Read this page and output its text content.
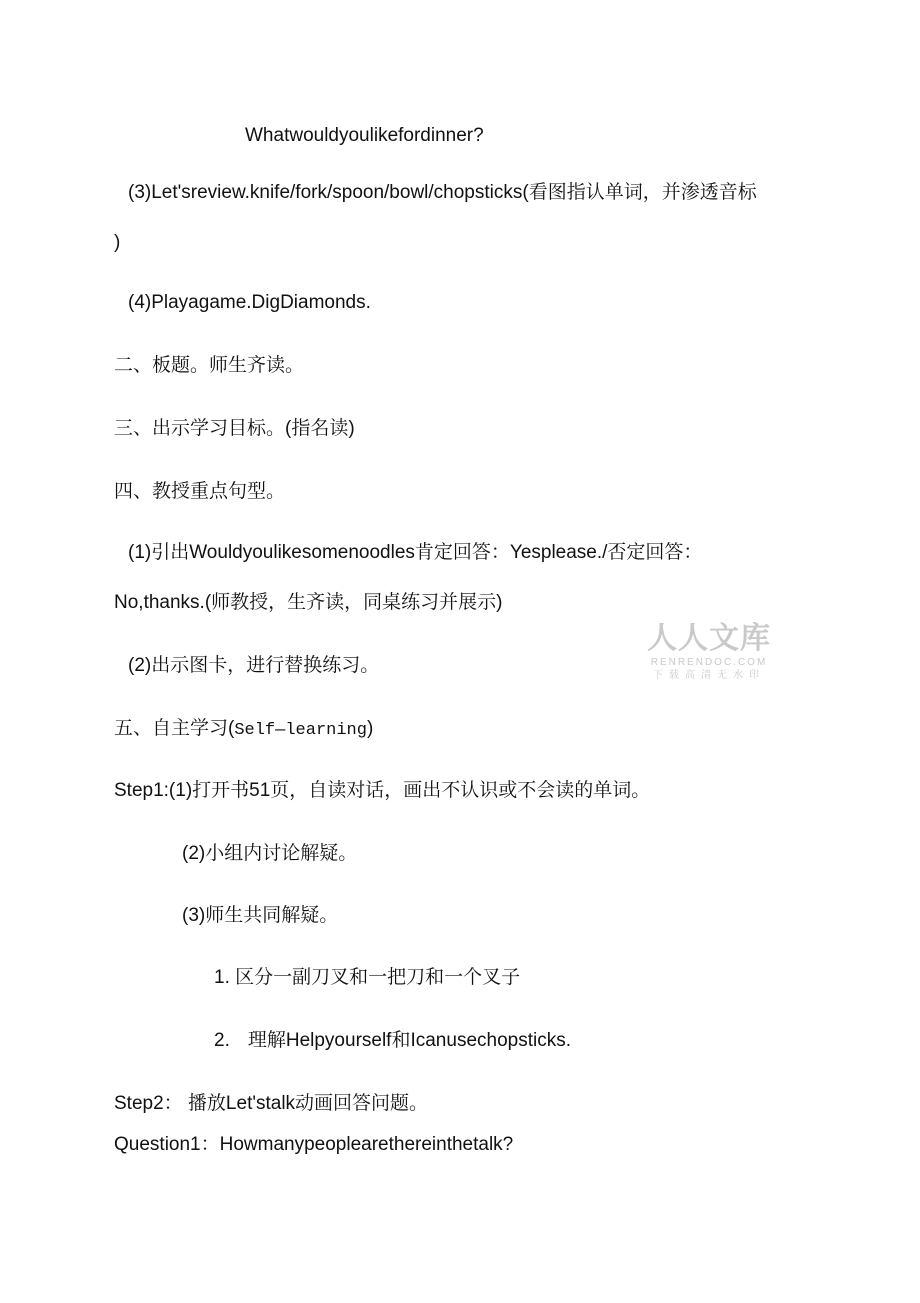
Whatwouldyoulikefordinner?
(3)Let'sreview.knife/fork/spoon/bowl/chopsticks(看图指认单词，并渗透音标
)
(4)Playagame.DigDiamonds.
二、板题。师生齐读。
三、出示学习目标。(指名读)
四、教授重点句型。
(1)引出Wouldyoulikesomenoodles肯定回答：Yesplease./否定回答：
No,thanks.(师教授，生齐读，同桌练习并展示)
(2)出示图卡，进行替换练习。
五、自主学习(Self—learning)
Step1:(1)打开书51页，自读对话，画出不认识或不会读的单词。
(2)小组内讨论解疑。
(3)师生共同解疑。
1. 区分一副刀叉和一把刀和一个叉子
2. 理解Helpyourself和Icanusechopsticks.
Step2： 播放Let'stalk动画回答问题。
Question1：Howmanypeoplearethereinthetalk?
人人文库
RENRENDOC.COM
下载高清无水印
